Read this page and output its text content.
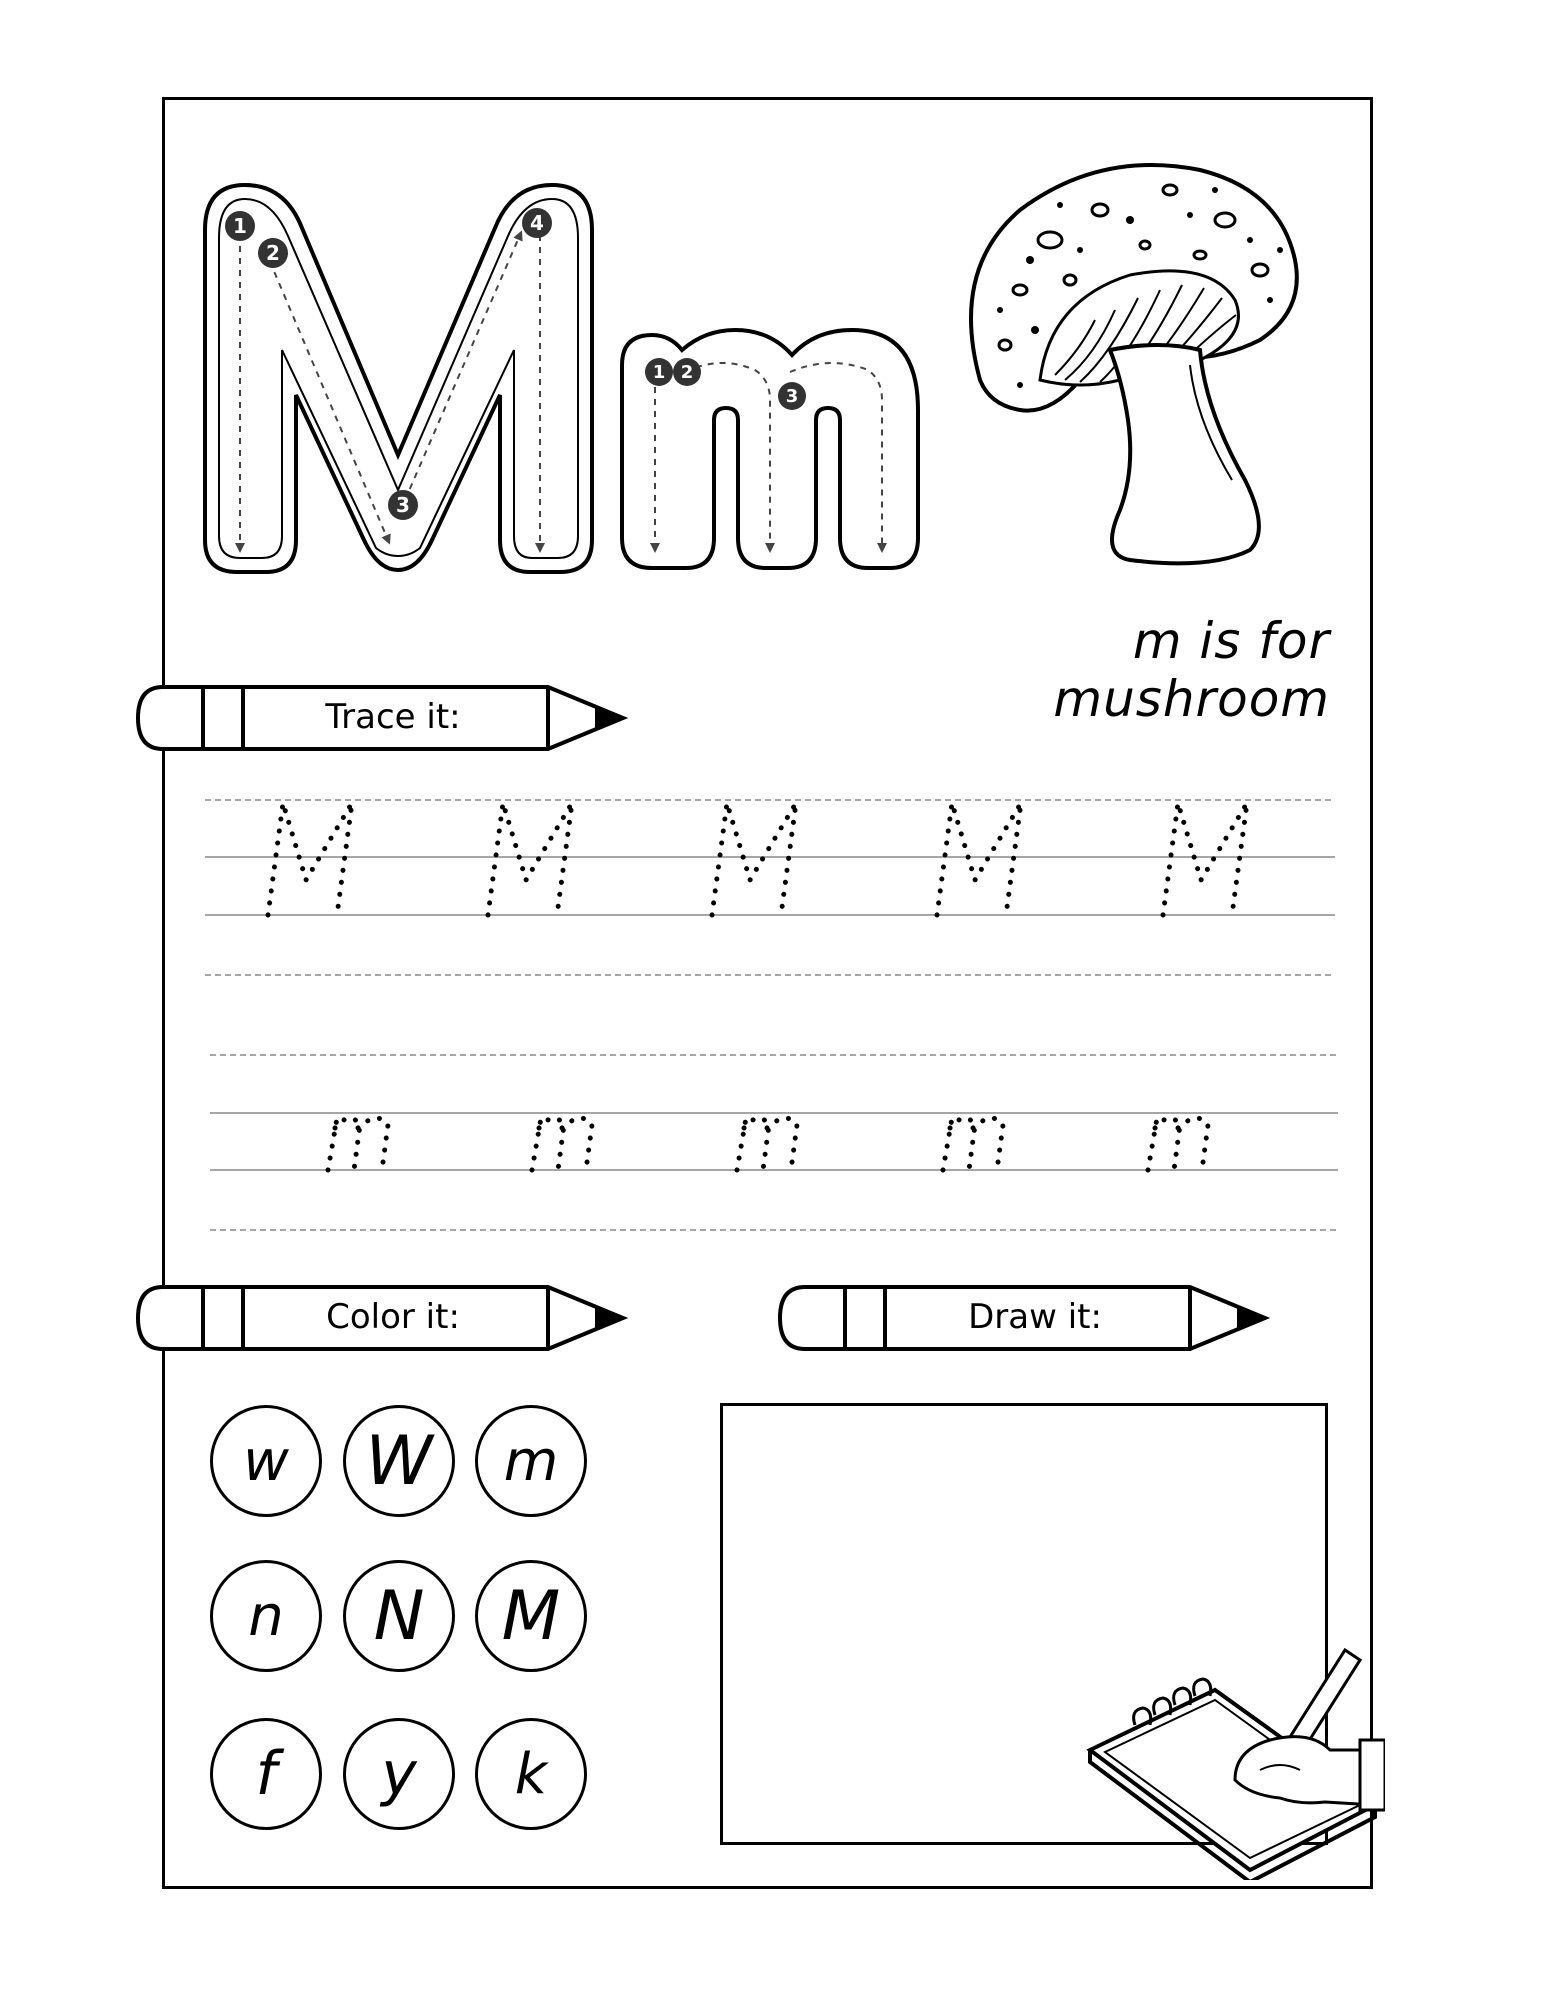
1
2
3
4
1 2
3
m is for mushroom
Trace it:
Color it:	Draw it:
w W m
n N M
f y k
